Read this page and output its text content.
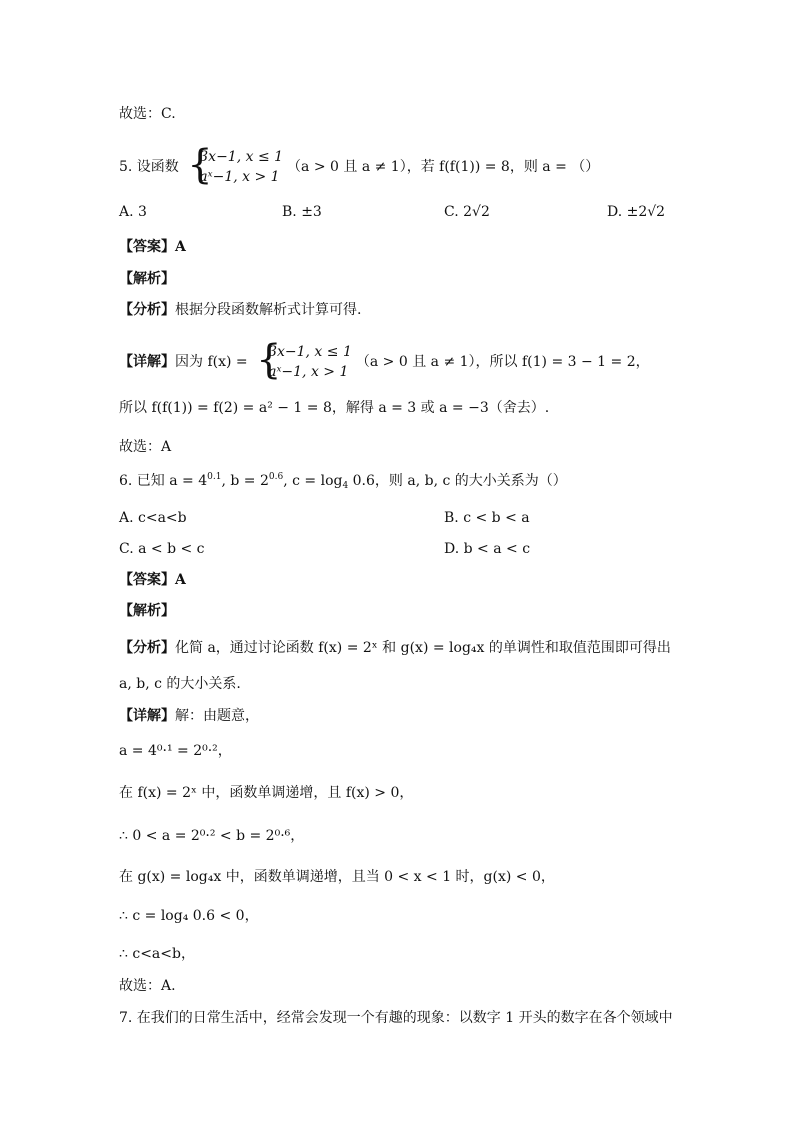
故选：C.
5. 设函数 {
3x−1, x ≤ 1
aˣ−1, x > 1
（a > 0 且 a ≠ 1），若 f(f(1)) = 8，则 a = （）
A. 3	B. ±3	C. 2√2	D. ±2√2
【答案】A
【解析】
【分析】根据分段函数解析式计算可得.
【详解】因为 f(x) = {
3x−1, x ≤ 1
aˣ−1, x > 1
（a > 0 且 a ≠ 1），所以 f(1) = 3 − 1 = 2，
所以 f(f(1)) = f(2) = a² − 1 = 8，解得 a = 3 或 a = −3（舍去）.
故选：A
6. 已知 $a = 4^{0.1}$, $b = 2^{0.6}$, $c = \log_4 0.6$，则 a, b, c 的大小关系为（）
A. c<a<b	B. c < b < a
C. a < b < c	D. b < a < c
【答案】A
【解析】
【分析】化简 a，通过讨论函数 f(x) = 2ˣ 和 g(x) = log₄x 的单调性和取值范围即可得出
a, b, c 的大小关系.
【详解】解：由题意，
a = 4⁰·¹ = 2⁰·²，
在 f(x) = 2ˣ 中，函数单调递增，且 f(x) > 0，
∴ 0 < a = 2⁰·² < b = 2⁰·⁶，
在 g(x) = log₄x 中，函数单调递增，且当 0 < x < 1 时，g(x) < 0，
∴ c = log₄ 0.6 < 0，
∴ c<a<b，
故选：A.
7. 在我们的日常生活中，经常会发现一个有趣的现象：以数字 1 开头的数字在各个领域中
